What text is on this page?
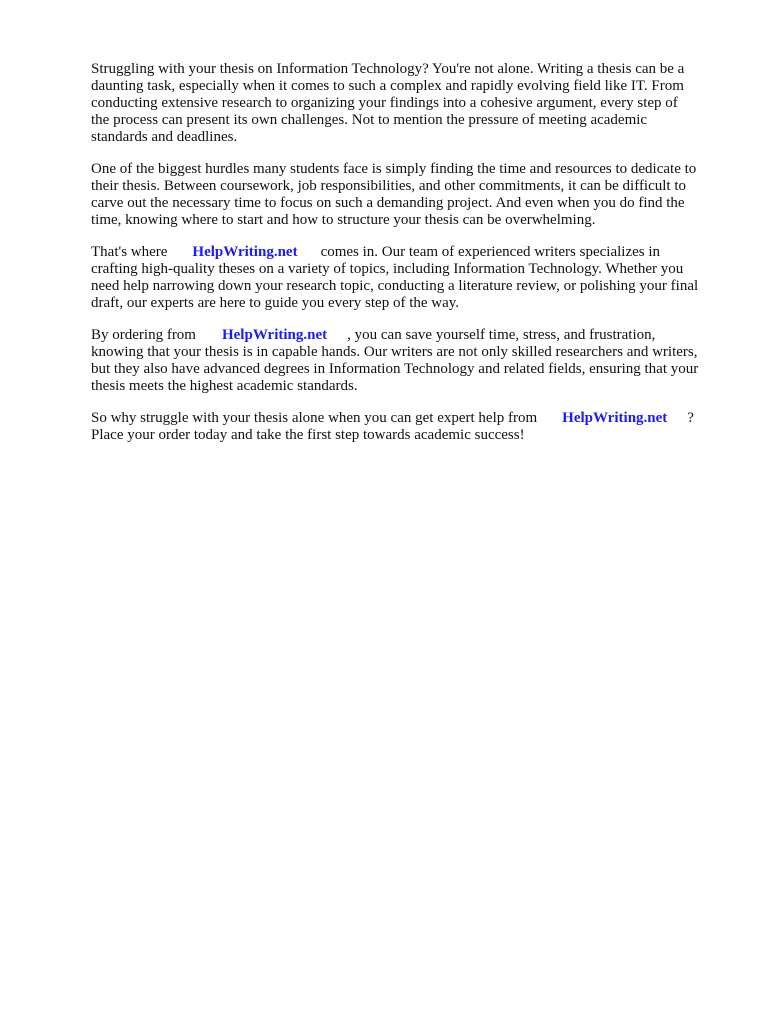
Struggling with your thesis on Information Technology? You're not alone. Writing a thesis can be a
daunting task, especially when it comes to such a complex and rapidly evolving field like IT. From
conducting extensive research to organizing your findings into a cohesive argument, every step of
the process can present its own challenges. Not to mention the pressure of meeting academic
standards and deadlines.

One of the biggest hurdles many students face is simply finding the time and resources to dedicate to
their thesis. Between coursework, job responsibilities, and other commitments, it can be difficult to
carve out the necessary time to focus on such a demanding project. And even when you do find the
time, knowing where to start and how to structure your thesis can be overwhelming.

That's where HelpWriting.net comes in. Our team of experienced writers specializes in
crafting high-quality theses on a variety of topics, including Information Technology. Whether you
need help narrowing down your research topic, conducting a literature review, or polishing your final
draft, our experts are here to guide you every step of the way.

By ordering from HelpWriting.net , you can save yourself time, stress, and frustration,
knowing that your thesis is in capable hands. Our writers are not only skilled researchers and writers,
but they also have advanced degrees in Information Technology and related fields, ensuring that your
thesis meets the highest academic standards.

So why struggle with your thesis alone when you can get expert help from HelpWriting.net ?
Place your order today and take the first step towards academic success!
